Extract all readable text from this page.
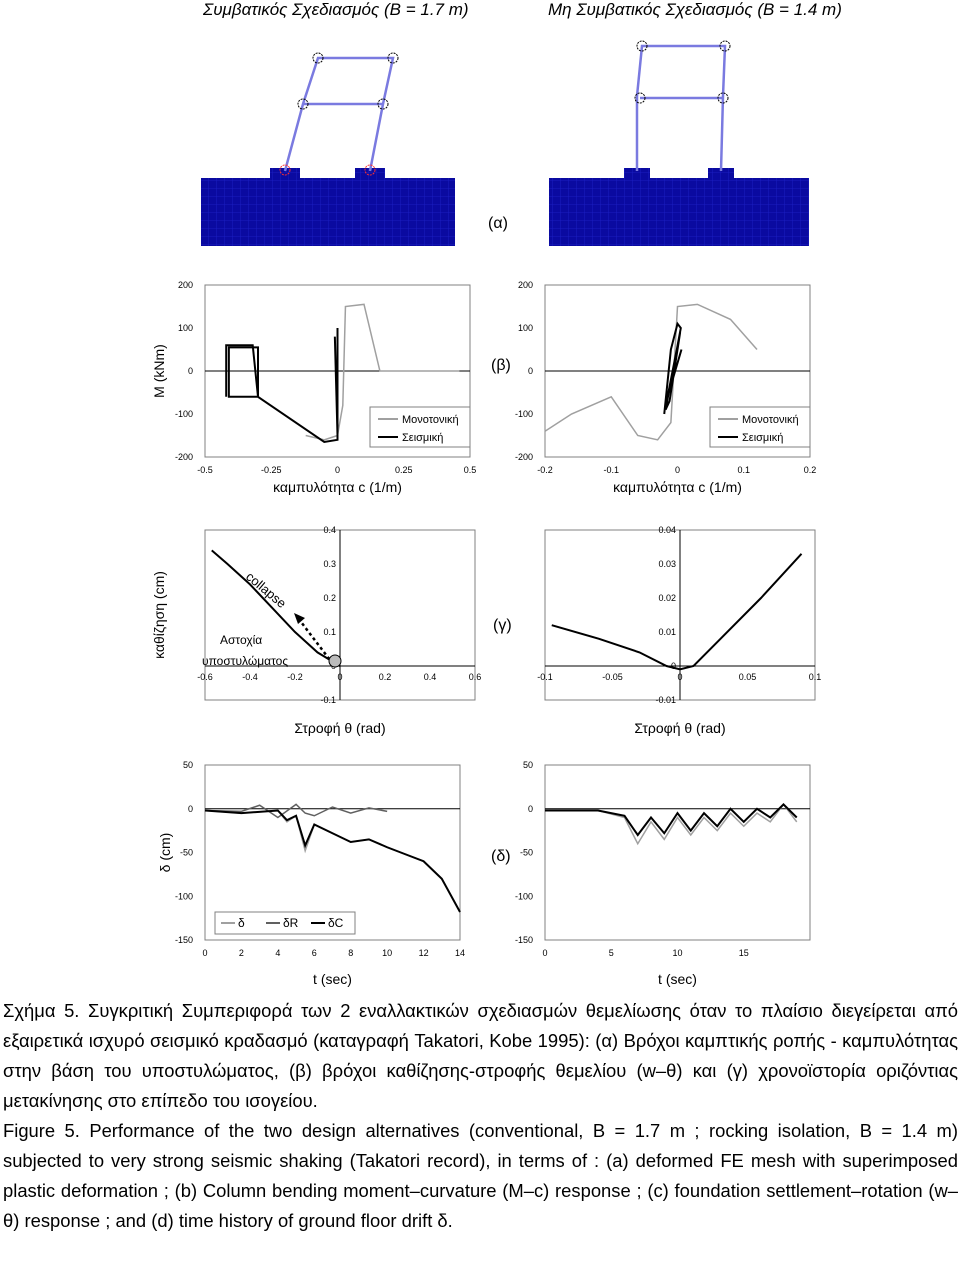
Συμβατικός Σχεδιασμός (B = 1.7 m)	Μη Συμβατικός Σχεδιασμός (B = 1.4 m)
(α)
(β)
(γ)
(δ)
200
100
0
-100
-200
-0.5	-0.25	0	0.25	0.5
καμπυλότητα c (1/m)
M (kNm)
Μονοτονική
Σεισμική
200
100
0
-100
-200
-0.2	-0.1	0	0.1	0.2
καμπυλότητα c (1/m)
Μονοτονική
Σεισμική
0.4
0.3
0.2
0.1
-0.1
-0.6	-0.4	-0.2	0	0.2	0.4	0.6
Στροφή θ (rad)
καθίζηση (cm)	collapse
Αστοχία
υποστυλώματος
0.04
0.03
0.02
0.01
0
-0.01
-0.1	-0.05	0	0.05	0.1
Στροφή θ (rad)
50
0
-50
-100
-150
0	2	4	6	8	10	12	14
t (sec)
δ (cm)
δ	δR δC
50
0
-50
-100
-150
0	5	10	15
t (sec)

Σχήμα 5. Συγκριτική Συμπεριφορά των 2 εναλλακτικών σχεδιασμών θεμελίωσης όταν το πλαίσιο διεγείρεται από εξαιρετικά ισχυρό σεισμικό κραδασμό (καταγραφή Takatori, Kobe 1995): (α) Βρόχοι καμπτικής ροπής - καμπυλότητας στην βάση του υποστυλώματος, (β) βρόχοι καθίζησης-στροφής θεμελίου (w–θ) και (γ) χρονοϊστορία οριζόντιας μετακίνησης στο επίπεδο του ισογείου.

Figure 5. Performance of the two design alternatives (conventional, B = 1.7 m ; rocking isolation, B = 1.4 m) subjected to very strong seismic shaking (Takatori record), in terms of : (a) deformed FE mesh with superimposed plastic deformation ; (b) Column bending moment–curvature (M–c) response ; (c) foundation settlement–rotation (w–θ) response ; and (d) time history of ground floor drift δ.
